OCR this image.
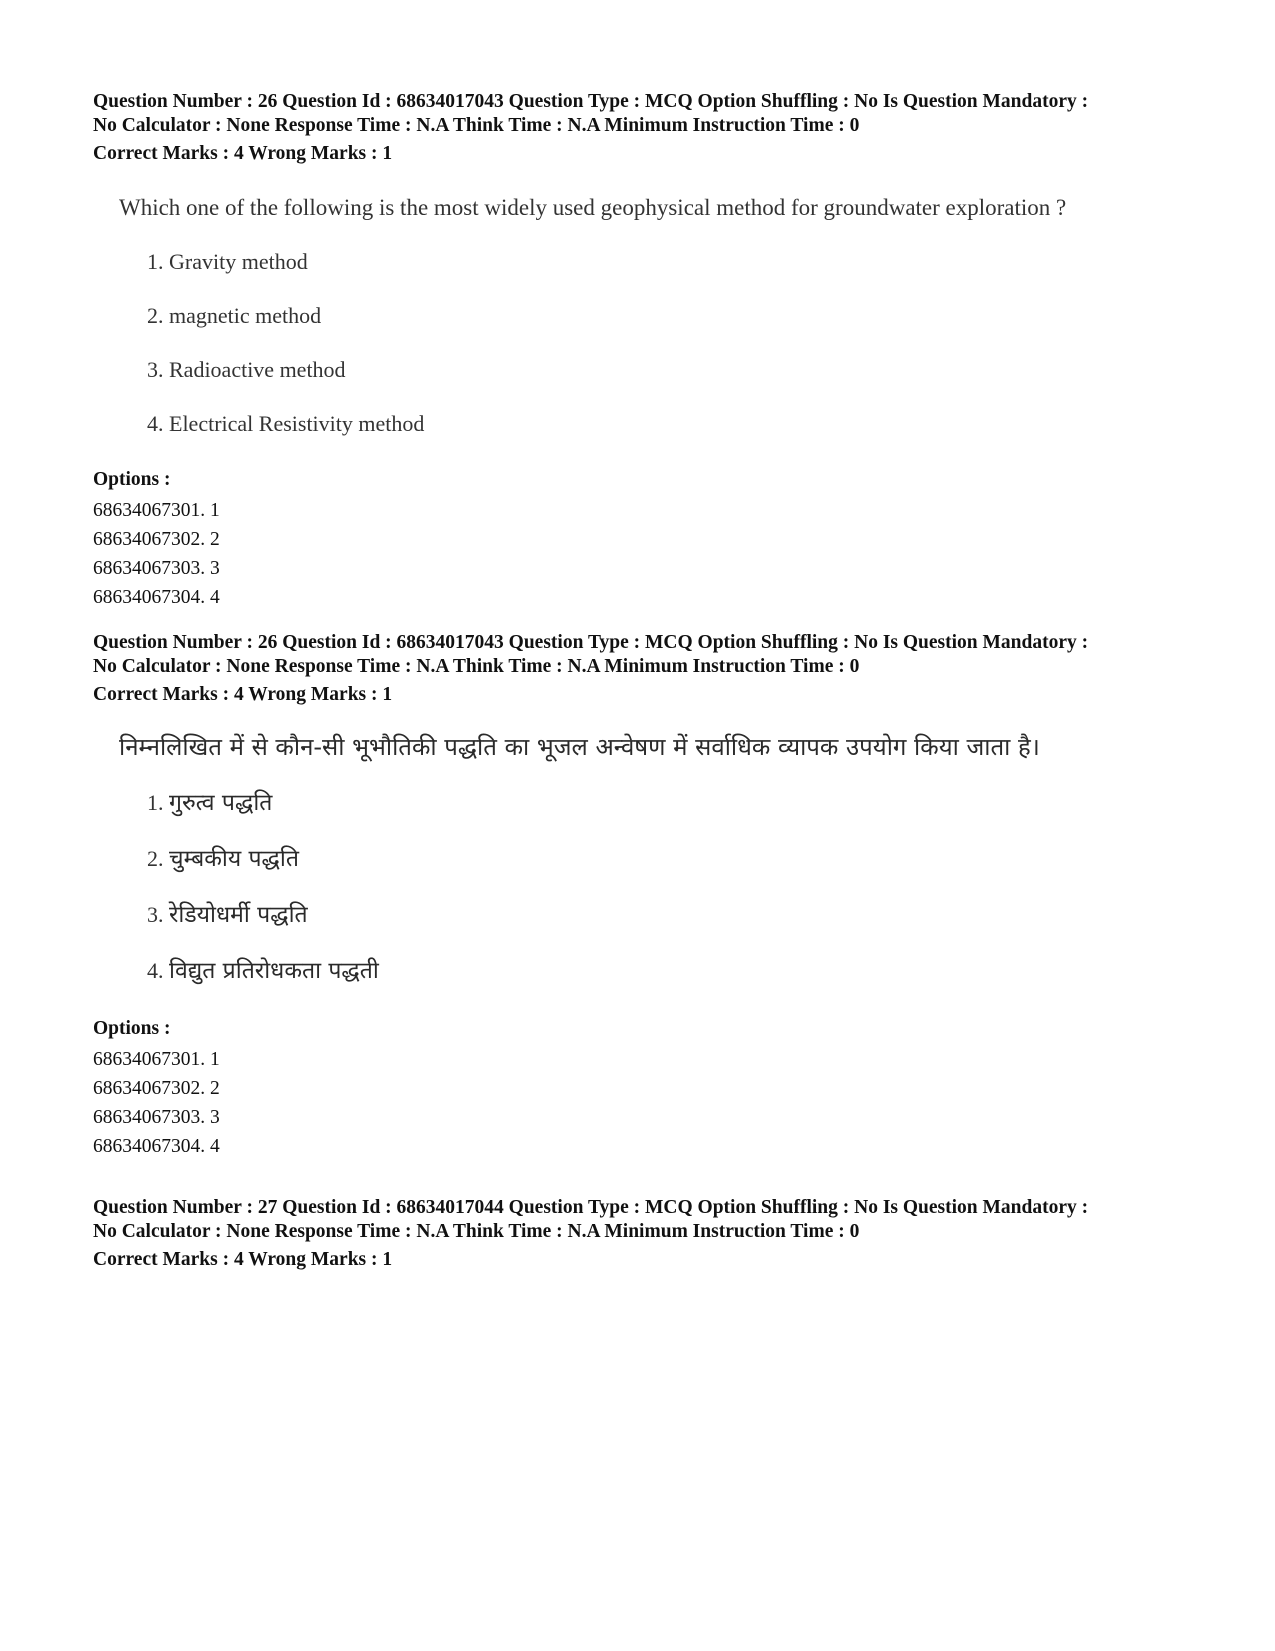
Question Number : 26 Question Id : 68634017043 Question Type : MCQ Option Shuffling : No Is Question Mandatory :

No Calculator : None Response Time : N.A Think Time : N.A Minimum Instruction Time : 0

Correct Marks : 4 Wrong Marks : 1

Which one of the following is the most widely used geophysical method for groundwater exploration ?

1. Gravity method
2. magnetic method
3. Radioactive method
4. Electrical Resistivity method

Options :

68634067301. 1
68634067302. 2
68634067303. 3
68634067304. 4

Question Number : 26 Question Id : 68634017043 Question Type : MCQ Option Shuffling : No Is Question Mandatory :

No Calculator : None Response Time : N.A Think Time : N.A Minimum Instruction Time : 0

Correct Marks : 4 Wrong Marks : 1

निम्नलिखित में से कौन-सी भूभौतिकी पद्धति का भूजल अन्वेषण में सर्वाधिक व्यापक उपयोग किया जाता है।

1. गुरुत्व पद्धति
2. चुम्बकीय पद्धति
3. रेडियोधर्मी पद्धति
4. विद्युत प्रतिरोधकता पद्धती

Options :

68634067301. 1
68634067302. 2
68634067303. 3
68634067304. 4

Question Number : 27 Question Id : 68634017044 Question Type : MCQ Option Shuffling : No Is Question Mandatory :

No Calculator : None Response Time : N.A Think Time : N.A Minimum Instruction Time : 0

Correct Marks : 4 Wrong Marks : 1
